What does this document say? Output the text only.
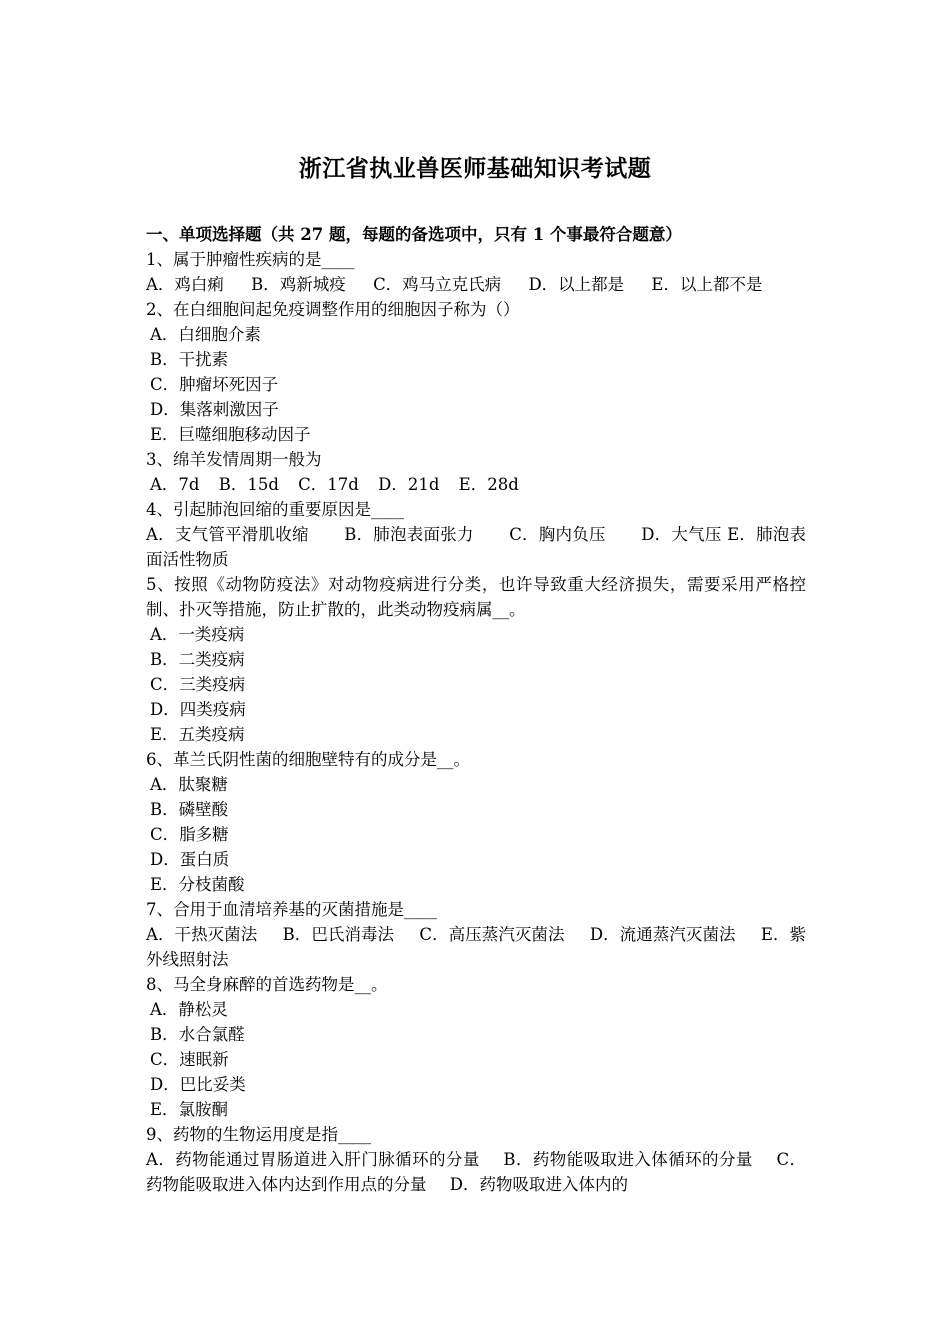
浙江省执业兽医师基础知识考试题
一、单项选择题（共 27 题，每题的备选项中，只有 1 个事最符合题意）
1、属于肿瘤性疾病的是____
A．鸡白痢 B．鸡新城疫 C．鸡马立克氏病 D．以上都是 E．以上都不是
2、在白细胞间起免疫调整作用的细胞因子称为（）
A．白细胞介素
B．干扰素
C．肿瘤坏死因子
D．集落刺激因子
E．巨噬细胞移动因子
3、绵羊发情周期一般为
A．7d B．15d C．17d D．21d E．28d
4、引起肺泡回缩的重要原因是____
A．支气管平滑肌收缩 B．肺泡表面张力 C．胸内负压 D．大气压 E．肺泡表面活性物质
5、按照《动物防疫法》对动物疫病进行分类，也许导致重大经济损失，需要采用严格控制、扑灭等措施，防止扩散的，此类动物疫病属__。
A．一类疫病
B．二类疫病
C．三类疫病
D．四类疫病
E．五类疫病
6、革兰氏阴性菌的细胞壁特有的成分是__。
A．肽聚糖
B．磷壁酸
C．脂多糖
D．蛋白质
E．分枝菌酸
7、合用于血清培养基的灭菌措施是____
A．干热灭菌法 B．巴氏消毒法 C．高压蒸汽灭菌法 D．流通蒸汽灭菌法 E．紫外线照射法
8、马全身麻醉的首选药物是__。
A．静松灵
B．水合氯醛
C．速眠新
D．巴比妥类
E．氯胺酮
9、药物的生物运用度是指____
A．药物能通过胃肠道进入肝门脉循环的分量 B．药物能吸取进入体循环的分量 C．药物能吸取进入体内达到作用点的分量 D．药物吸取进入体内的
